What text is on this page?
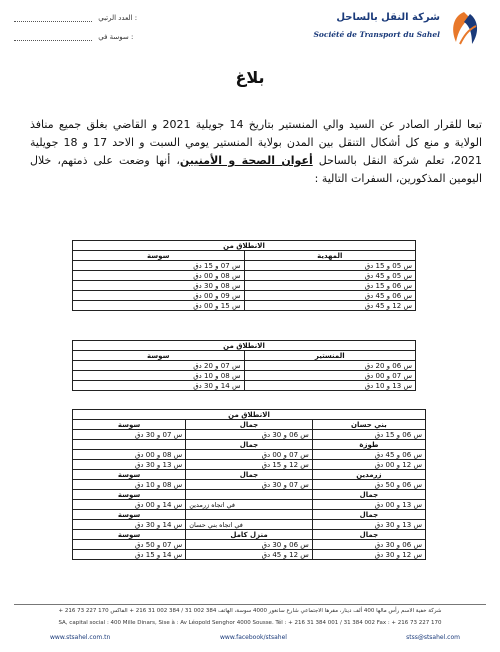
العدد الرتبي :
سوسة في :
شركة النقل بالساحل
Société de Transport du Sahel
بلاغ
تبعا للقرار الصادر عن السيد والي المنستير بتاريخ 14 جويلية 2021 و القاضي بغلق جميع منافذ الولاية و منع كل أشكال التنقل بين المدن بولاية المنستير يومي السبت و الاحد 17 و 18 جويلية 2021، تعلم شركة النقل بالساحل أعوان الصحة و الأمنيين، أنها وضعت على ذمتهم، خلال اليومين المذكورين، السفرات التالية :
الانطلاق من	
المهدية	سوسة
س 05 و 15 دق	س 07 و 15 دق
س 05 و 45 دق	س 08 و 00 دق
س 06 و 15 دق	س 08 و 30 دق
س 06 و 45 دق	س 09 و 00 دق
س 12 و 45 دق	س 15 و 00 دق
الانطلاق من	
المنستير	سوسة
س 06 و 20 دق	س 07 و 20 دق
س 07 و 00 دق	س 08 و 10 دق
س 13 و 10 دق	س 14 و 30 دق
الانطلاق من		
بني حسان	جمال	سوسة
س 06 و 15 دق	س 06 و 30 دق	س 07 و 30 دق
طوزة	جمال	
س 06 و 45 دق	س 07 و 00 دق	س 08 و 00 دق
س 12 و 00 دق	س 12 و 15 دق	س 13 و 30 دق
زرمدين	جمال	سوسة
س 06 و 50 دق	س 07 و 30 دق	س 08 و 10 دق
جمال		سوسة
س 13 و 00 دق	في اتجاه زرمدين	س 14 و 00 دق
جمال		سوسة
س 13 و 30 دق	في اتجاه بني حسان	س 14 و 30 دق
جمال	منزل كامل	سوسة
س 06 و 30 دق	س 06 و 30 دق	س 07 و 50 دق
س 12 و 30 دق	س 12 و 45 دق	س 14 و 15 دق
شركة خفية الاسم رأس مالها 400 ألف دينار، مقرها الاجتماعي شارع سانغور 4000 سوسة، الهاتف 384 002 31 / 384 002 31 216 + الفاكس 170 227 73 216 +
SA, capital social : 400 Mille Dinars, Sise à : Av Léopold Senghor 4000 Sousse. Tél : + 216 31 384 001 / 31 384 002 Fax : + 216 73 227 170
www.stsahel.com.tn	www.facebook/stsahel	stss@stsahel.com
